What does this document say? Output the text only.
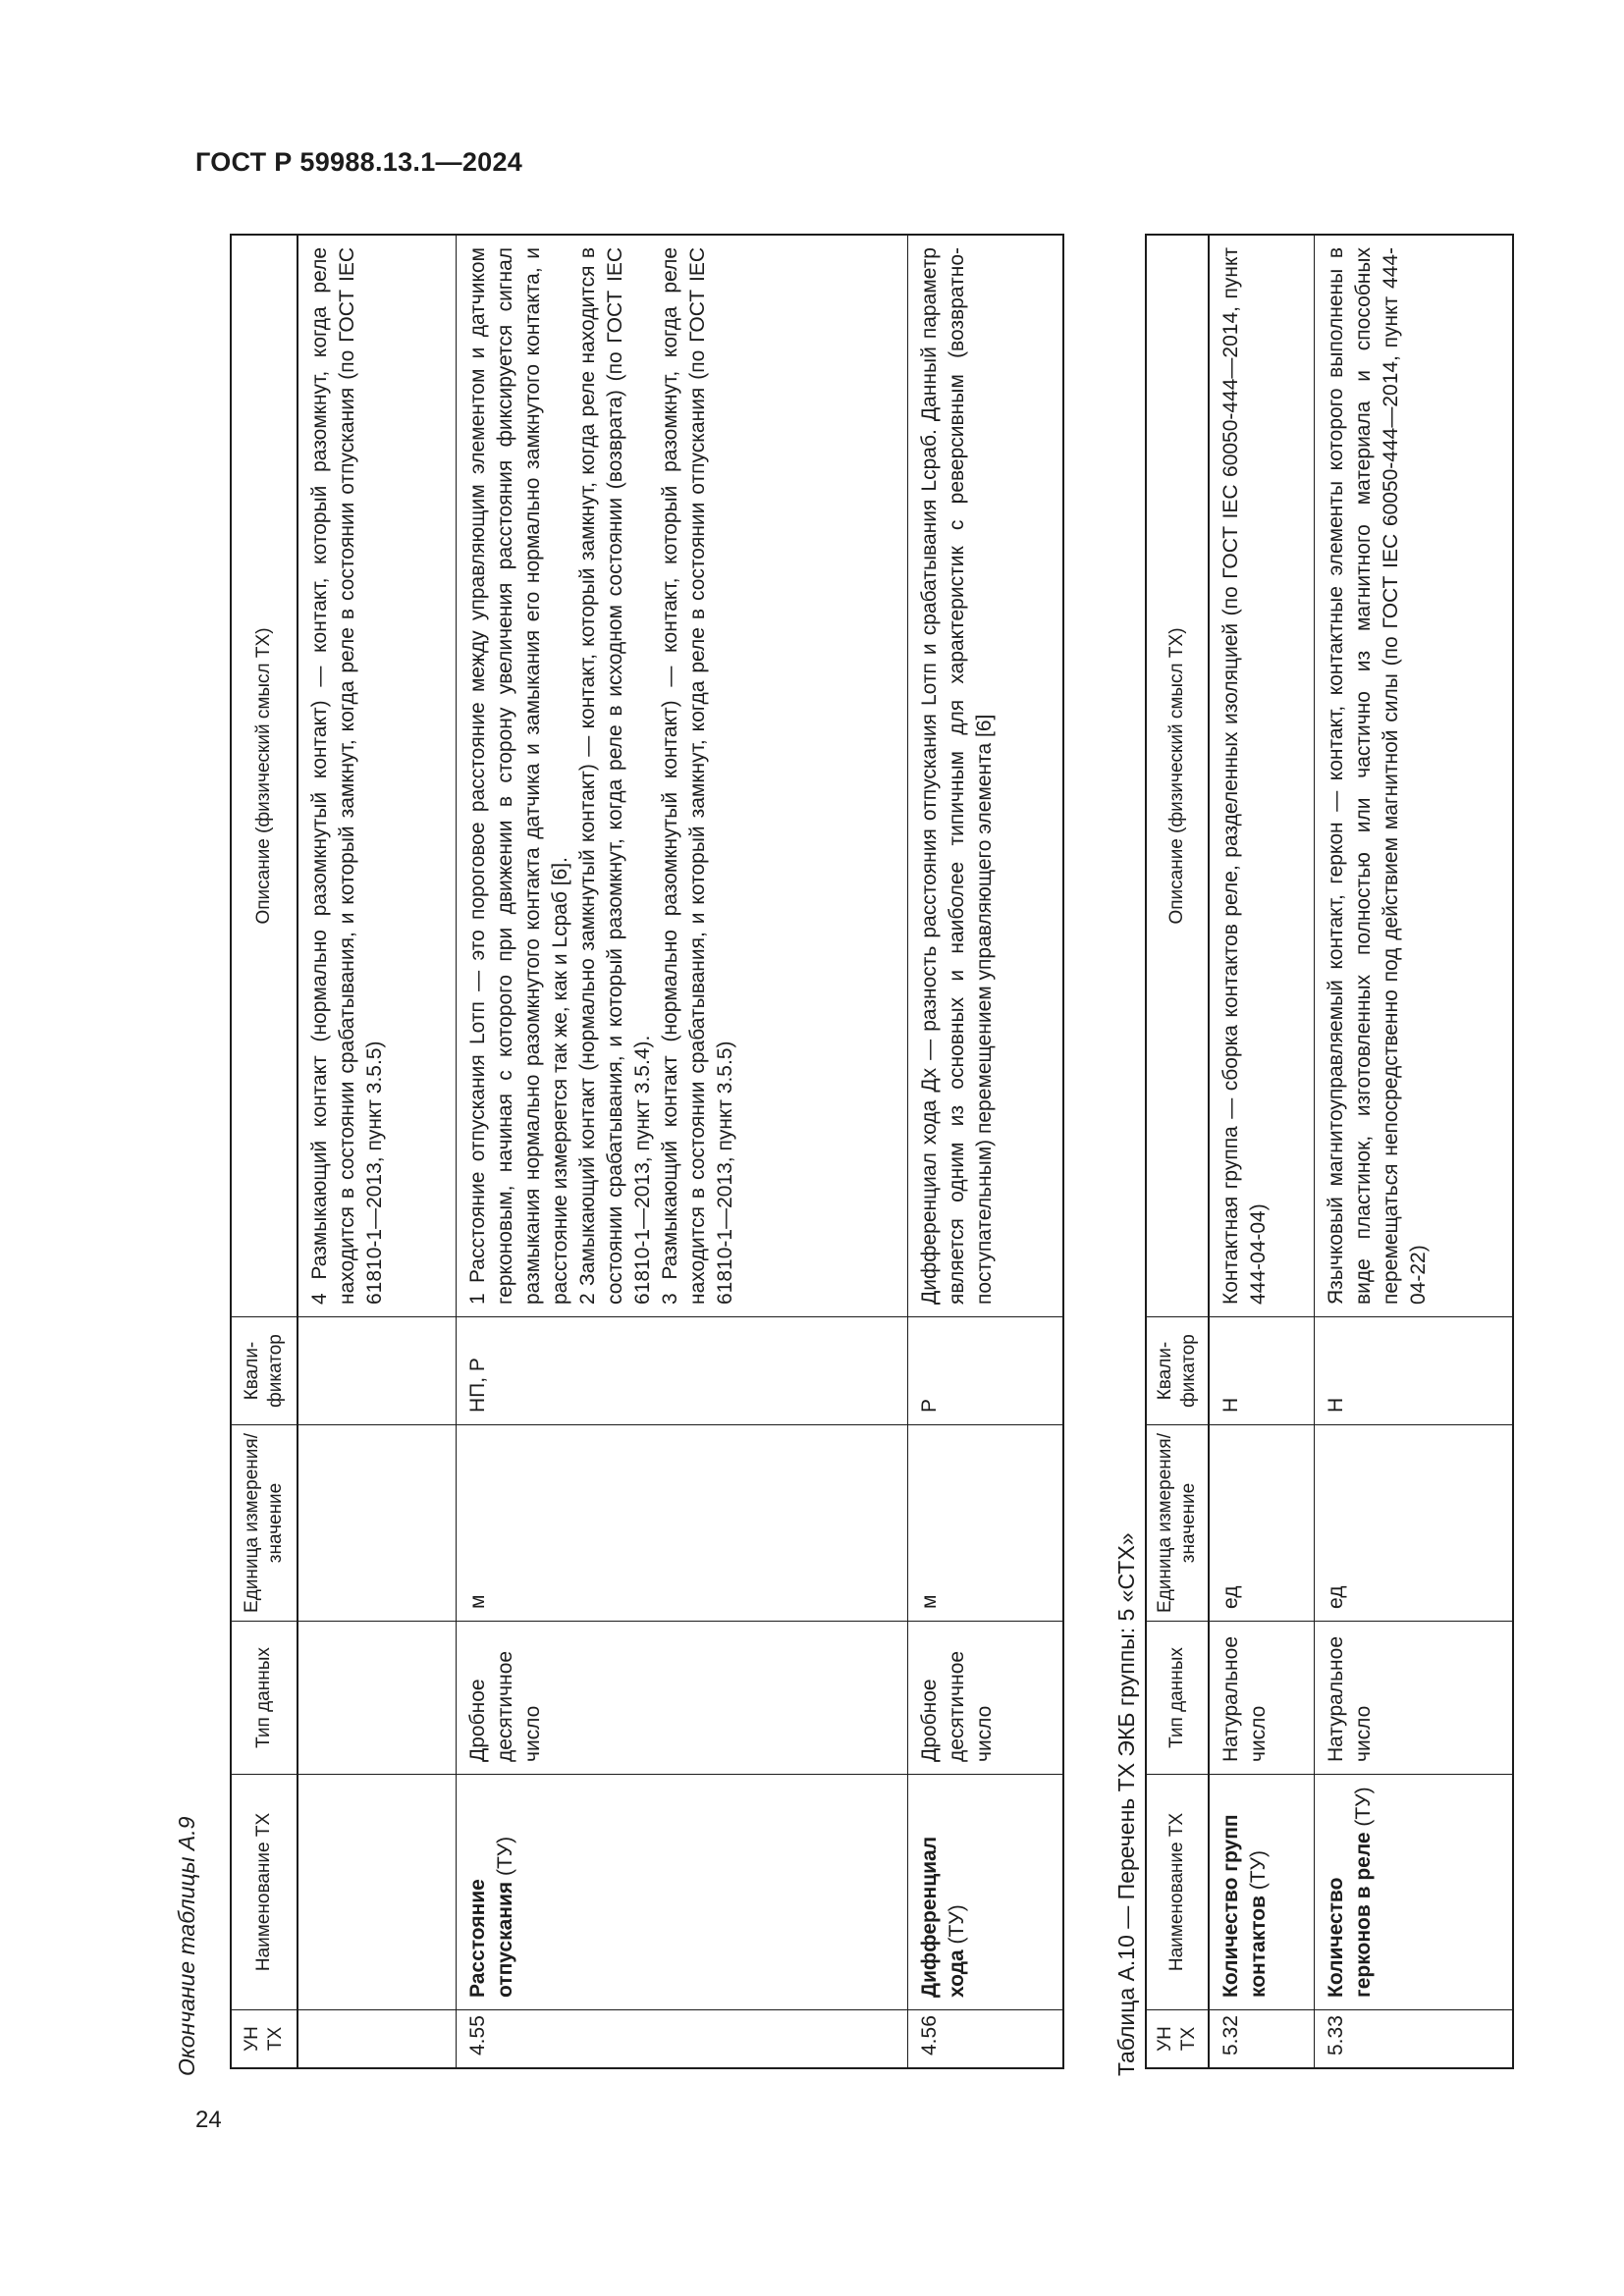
ГОСТ Р 59988.13.1—2024
24
Окончание таблицы А.9	УН ТХ
Наименование ТХ
Тип данных
Единица измерения/ значение
Квали- фикатор
Описание (физический смысл ТХ)	4 Размыкающий контакт (нормально разомкнутый контакт) — контакт, который разомкнут, когда реле находится в состоянии срабатывания, и который замкнут, когда реле в состоянии отпускания (по ГОСТ IEC 61810-1—2013, пункт 3.5.5)

4.55
Расстояние отпускания (ТУ)
Дробное десятичное число
м
НП, Р

1 Расстояние отпускания Lотп — это пороговое расстояние между управляющим элементом и датчиком герконовым, начиная с которого при движении в сторону увеличения расстояния фиксируется сигнал размыкания нормально разомкнутого контакта датчика и замыкания его нормально замкнутого контакта, и расстояние измеряется так же, как и Lсраб [6]. 2 Замыкающий контакт (нормально замкнутый контакт) — контакт, который замкнут, когда реле находится в состоянии срабатывания, и который разомкнут, когда реле в исходном состоянии (возврата) (по ГОСТ IEC 61810-1—2013, пункт 3.5.4). 3 Размыкающий контакт (нормально разомкнутый контакт) — контакт, который разомкнут, когда реле находится в состоянии срабатывания, и который замкнут, когда реле в состоянии отпускания (по ГОСТ IEC 61810-1—2013, пункт 3.5.5)

4.56
Дифференциал хода (ТУ)
Дробное десятичное число
м
Р

Дифференциал хода Дх — разность расстояния отпускания Lотп и срабатывания Lсраб. Данный параметр является одним из основных и наиболее типичным для характеристик с реверсивным (возвратно-поступательным) перемещением управляющего элемента [6]

Таблица А.10 — Перечень ТХ ЭКБ группы: 5 «СТХ» УН ТХ
Наименование ТХ
Тип данных
Единица измерения/ значение
Квали- фикатор
Описание (физический смысл ТХ)
5.32
Количество групп контактов (ТУ)
Натуральное число
ед
Н

Контактная группа — сборка контактов реле, разделенных изоляцией (по ГОСТ IEC 60050-444—2014, пункт 444-04-04)

5.33
Количество герконов в реле (ТУ)
Натуральное число
ед
Н

Язычковый магнитоуправляемый контакт, геркон — контакт, контактные элементы которого выполнены в виде пластинок, изготовленных полностью или частично из магнитного материала и способных перемещаться непосредственно под действием магнитной силы (по ГОСТ IEC 60050-444—2014, пункт 444-04-22)
